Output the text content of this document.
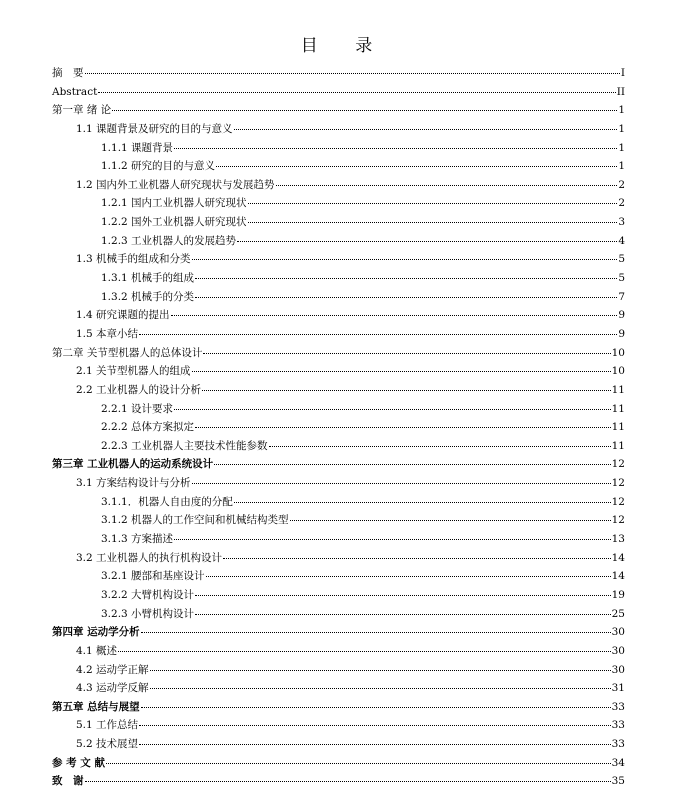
目 录
摘　要	I
Abstract	II
第一章 绪 论	1
1.1 课题背景及研究的目的与意义	1
1.1.1 课题背景	1
1.1.2 研究的目的与意义	1
1.2 国内外工业机器人研究现状与发展趋势	2
1.2.1 国内工业机器人研究现状	2
1.2.2 国外工业机器人研究现状	3
1.2.3 工业机器人的发展趋势	4
1.3 机械手的组成和分类	5
1.3.1 机械手的组成	5
1.3.2 机械手的分类	7
1.4 研究课题的提出	9
1.5 本章小结	9
第二章 关节型机器人的总体设计	10
2.1 关节型机器人的组成	10
2.2 工业机器人的设计分析	11
2.2.1 设计要求	11
2.2.2 总体方案拟定	11
2.2.3 工业机器人主要技术性能参数	11
第三章 工业机器人的运动系统设计	12
3.1 方案结构设计与分析	12
3.1.1．机器人自由度的分配	12
3.1.2 机器人的工作空间和机械结构类型	12
3.1.3 方案描述	13
3.2 工业机器人的执行机构设计	14
3.2.1 腰部和基座设计	14
3.2.2 大臂机构设计	19
3.2.3 小臂机构设计	25
第四章 运动学分析	30
4.1 概述	30
4.2 运动学正解	30
4.3 运动学反解	31
第五章 总结与展望	33
5.1 工作总结	33
5.2 技术展望	33
参 考 文 献	34
致　谢	35
